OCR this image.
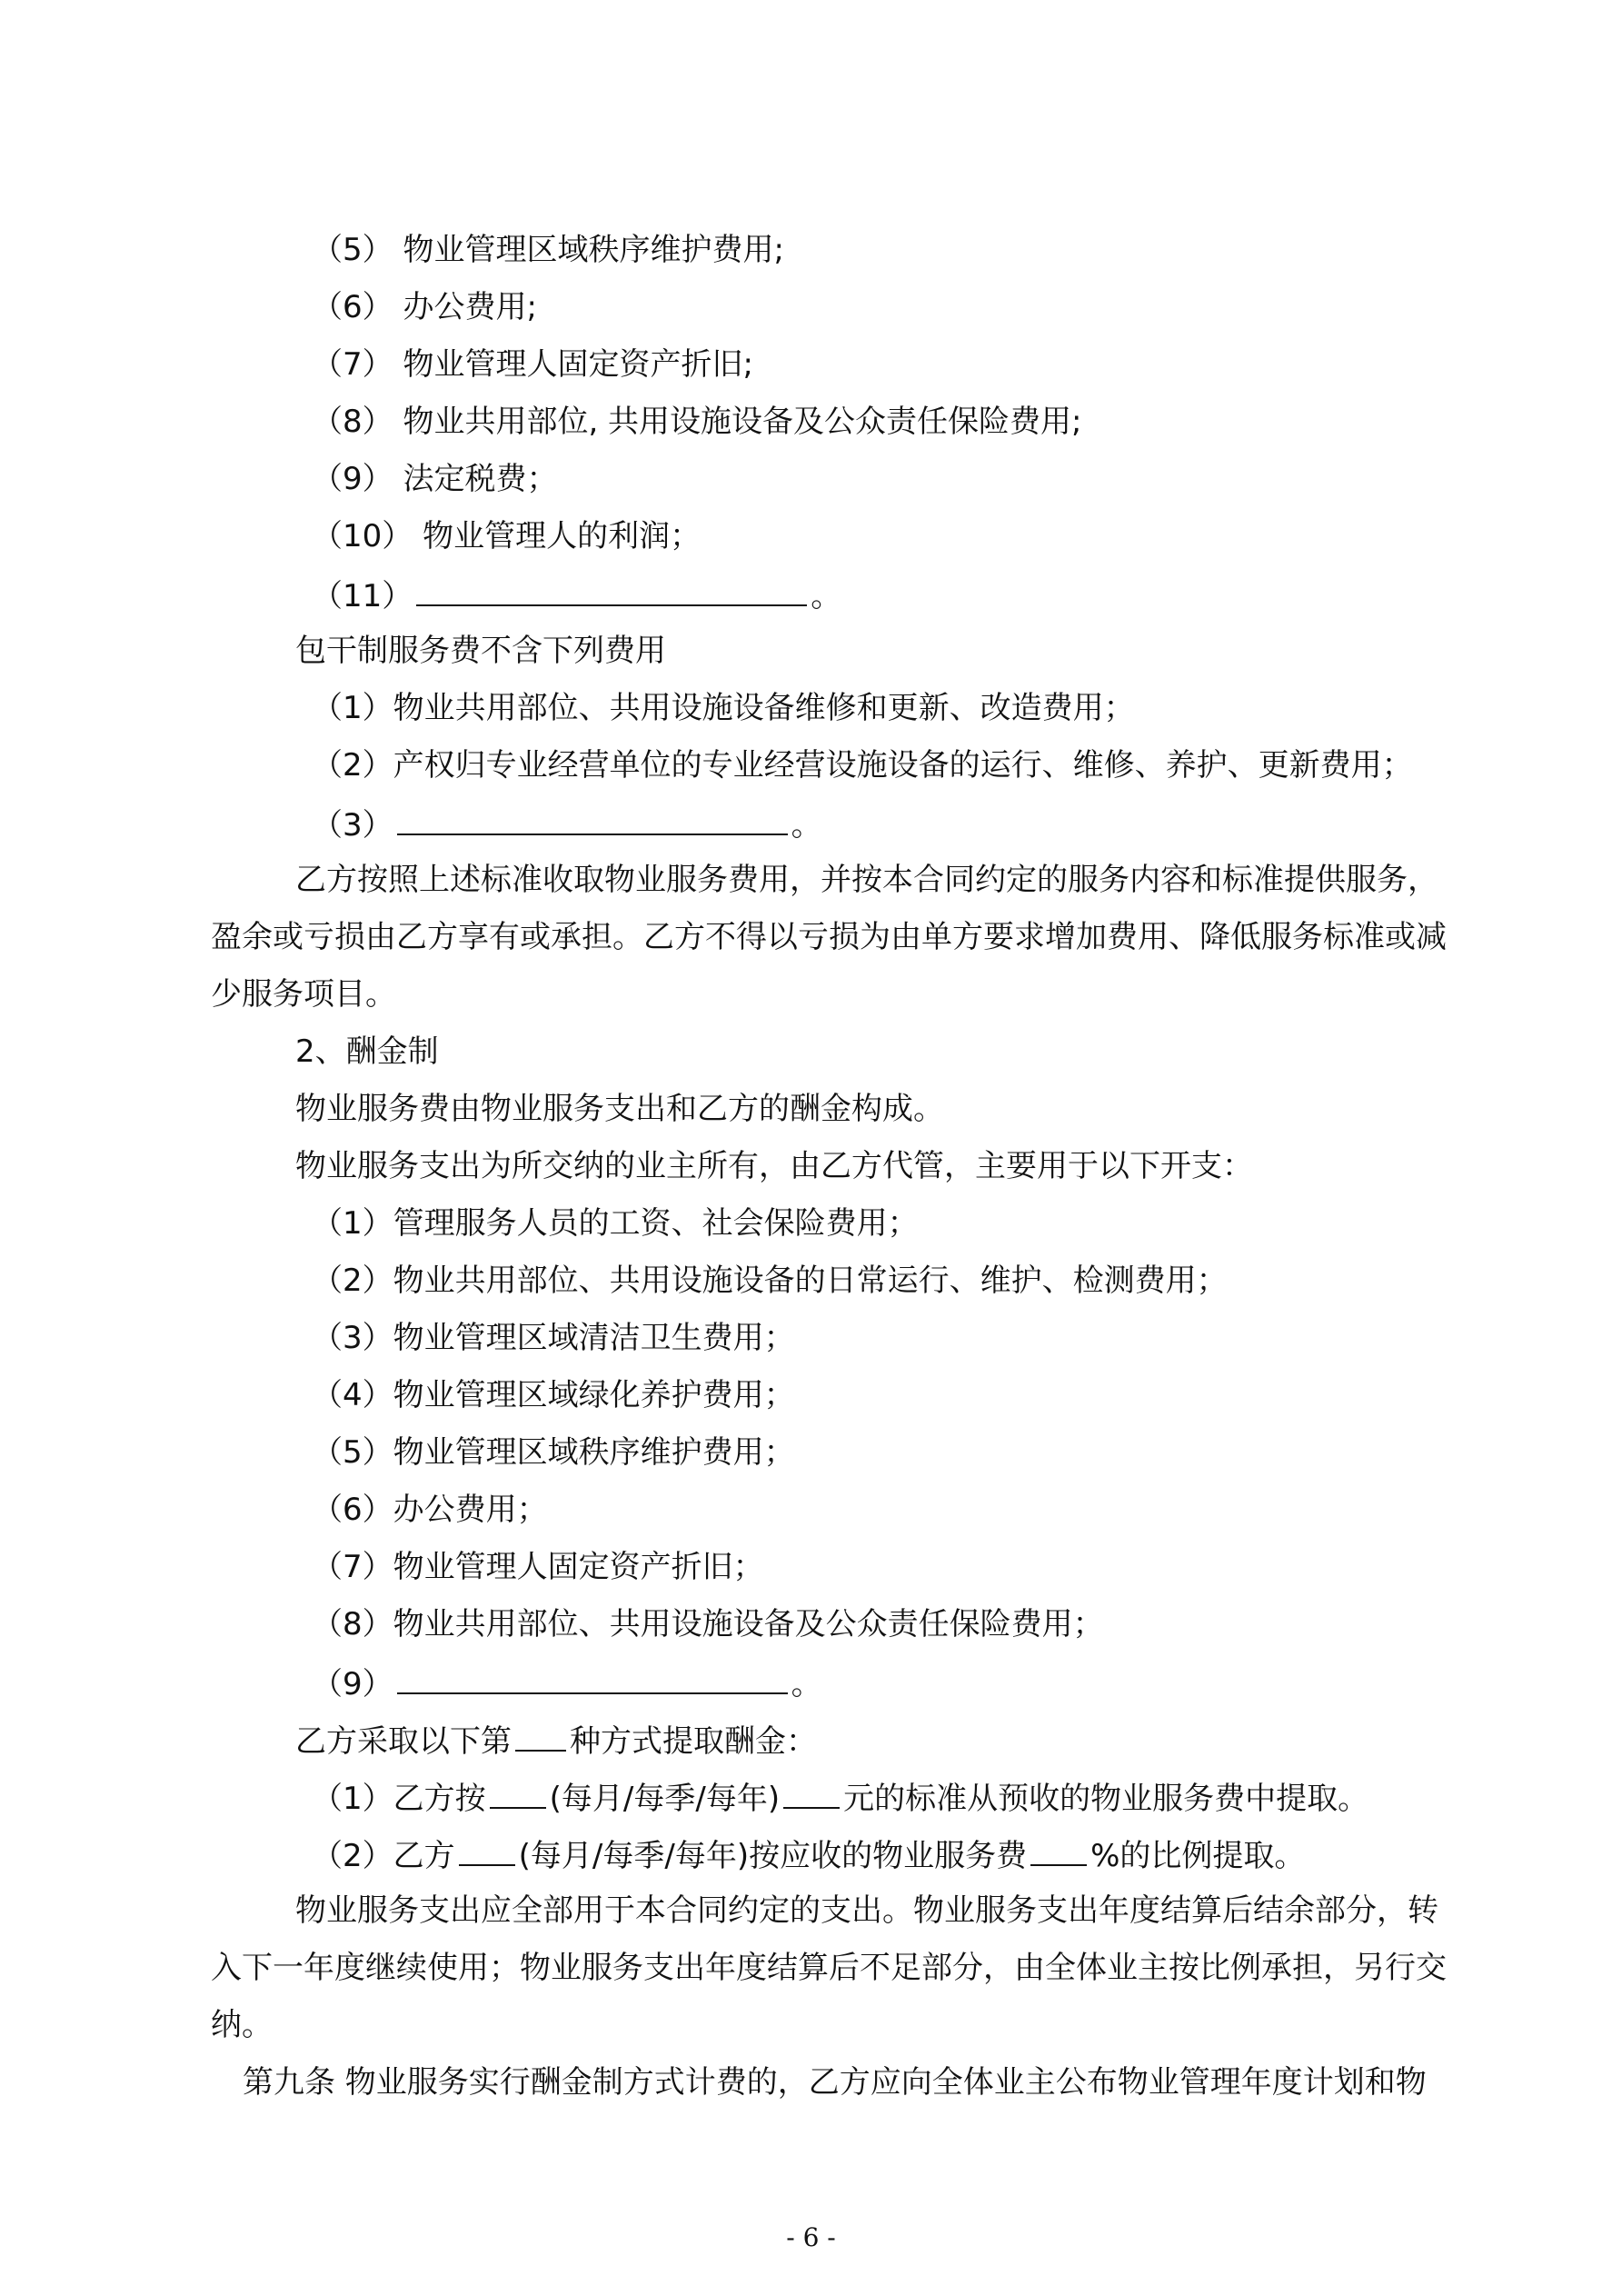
（5） 物业管理区域秩序维护费用;
（6） 办公费用;
（7） 物业管理人固定资产折旧;
（8） 物业共用部位, 共用设施设备及公众责任保险费用;
（9） 法定税费；
（10） 物业管理人的利润；
（11）	。
包干制服务费不含下列费用
（1）物业共用部位、共用设施设备维修和更新、改造费用；
（2）产权归专业经营单位的专业经营设施设备的运行、维修、养护、更新费用；
（3）	。
乙方按照上述标准收取物业服务费用，并按本合同约定的服务内容和标准提供服务，
盈余或亏损由乙方享有或承担。乙方不得以亏损为由单方要求增加费用、降低服务标准或减
少服务项目。
2、酬金制
物业服务费由物业服务支出和乙方的酬金构成。
物业服务支出为所交纳的业主所有，由乙方代管，主要用于以下开支：
（1）管理服务人员的工资、社会保险费用；
（2）物业共用部位、共用设施设备的日常运行、维护、检测费用；
（3）物业管理区域清洁卫生费用；
（4）物业管理区域绿化养护费用；
（5）物业管理区域秩序维护费用；
（6）办公费用；
（7）物业管理人固定资产折旧；
（8）物业共用部位、共用设施设备及公众责任保险费用；
（9）	。
乙方采取以下第 种方式提取酬金：
（1）乙方按 (每月/每季/每年) 元的标准从预收的物业服务费中提取。
（2）乙方 (每月/每季/每年)按应收的物业服务费 %的比例提取。
物业服务支出应全部用于本合同约定的支出。物业服务支出年度结算后结余部分，转
入下一年度继续使用；物业服务支出年度结算后不足部分，由全体业主按比例承担，另行交
纳。
第九条 物业服务实行酬金制方式计费的，乙方应向全体业主公布物业管理年度计划和物
- 6 -
